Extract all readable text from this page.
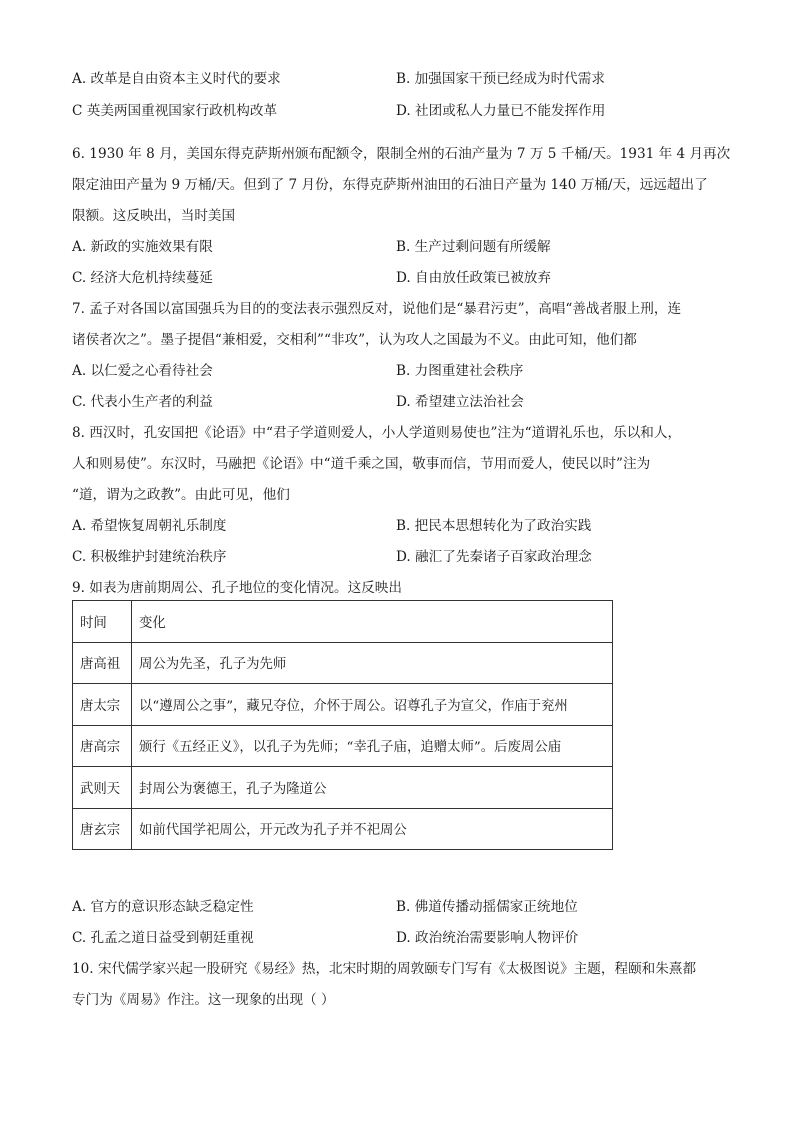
A. 改革是自由资本主义时代的要求	B. 加强国家干预已经成为时代需求
C 英美两国重视国家行政机构改革	D. 社团或私人力量已不能发挥作用
6. 1930 年 8 月，美国东得克萨斯州颁布配额令，限制全州的石油产量为 7 万 5 千桶/天。1931 年 4 月再次
限定油田产量为 9 万桶/天。但到了 7 月份，东得克萨斯州油田的石油日产量为 140 万桶/天，远远超出了
限额。这反映出，当时美国
A. 新政的实施效果有限	B. 生产过剩问题有所缓解
C. 经济大危机持续蔓延	D. 自由放任政策已被放弃
7. 孟子对各国以富国强兵为目的的变法表示强烈反对，说他们是“暴君污吏”，高唱“善战者服上刑，连
诸侯者次之”。墨子提倡“兼相爱，交相利”“非攻”，认为攻人之国最为不义。由此可知，他们都
A. 以仁爱之心看待社会	B. 力图重建社会秩序
C. 代表小生产者的利益	D. 希望建立法治社会
8. 西汉时，孔安国把《论语》中“君子学道则爱人，小人学道则易使也”注为“道谓礼乐也，乐以和人，
人和则易使”。东汉时，马融把《论语》中“道千乘之国，敬事而信，节用而爱人，使民以时”注为
“道，谓为之政教”。由此可见，他们
A. 希望恢复周朝礼乐制度	B. 把民本思想转化为了政治实践
C. 积极维护封建统治秩序	D. 融汇了先秦诸子百家政治理念
9. 如表为唐前期周公、孔子地位的变化情况。这反映出
时间	变化
唐高祖	周公为先圣，孔子为先师
唐太宗	以“遵周公之事”，藏兄夺位，介怀于周公。诏尊孔子为宣父，作庙于兖州
唐高宗	颁行《五经正义》，以孔子为先师；“幸孔子庙，追赠太师”。后废周公庙
武则天	封周公为褒德王，孔子为隆道公
唐玄宗	如前代国学祀周公，开元改为孔子并不祀周公
A. 官方的意识形态缺乏稳定性	B. 佛道传播动摇儒家正统地位
C. 孔孟之道日益受到朝廷重视	D. 政治统治需要影响人物评价
10. 宋代儒学家兴起一股研究《易经》热，北宋时期的周敦颐专门写有《太极图说》主题，程颐和朱熹都
专门为《周易》作注。这一现象的出现（ ）
